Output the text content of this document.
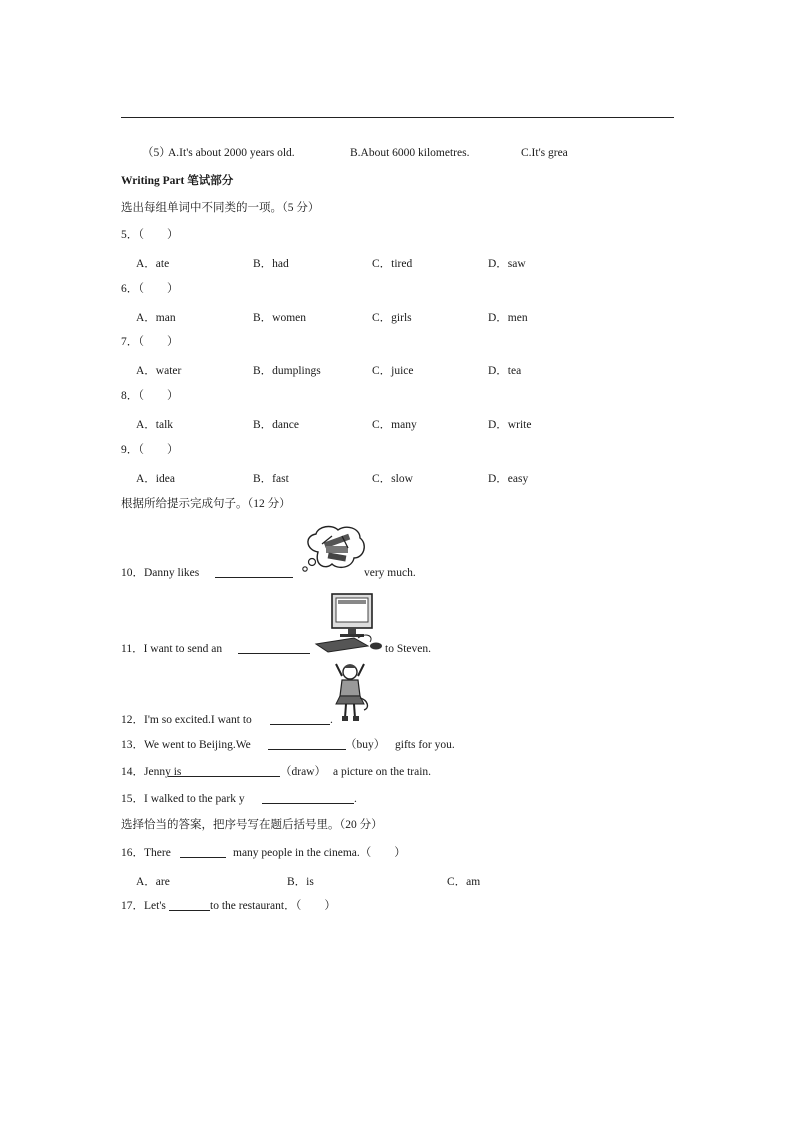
（5）
A.It's about 2000 years old.	B.About 6000 kilometres.	C.It's grea
Writing Part 笔试部分
选出每组单词中不同类的一项。（5 分）
5．（　　）
A．ate	B．had	C．tired	D．saw
6．（　　）
A．man	B．women	C．girls	D．men
7．（　　）
A．water	B．dumplings	C．juice	D．tea
8．（　　）
A．talk	B．dance	C．many	D．write
9．（　　）
A．idea	B．fast	C．slow	D．easy
根据所给提示完成句子。（12 分）
10．Danny likes	very much.
11．I want to send an	to Steven.
12．I'm so excited.I want to	.
13．We went to Beijing.We	（buy） gifts for you.
14．Jenny is	（draw） a picture on the train.
15．I walked to the park y	.
选择恰当的答案，把序号写在题后括号里。（20 分）
16．There	many people in the cinema.（　　）
A．are	B．is	C．am
17．Let's	to the restaurant．（　　）
